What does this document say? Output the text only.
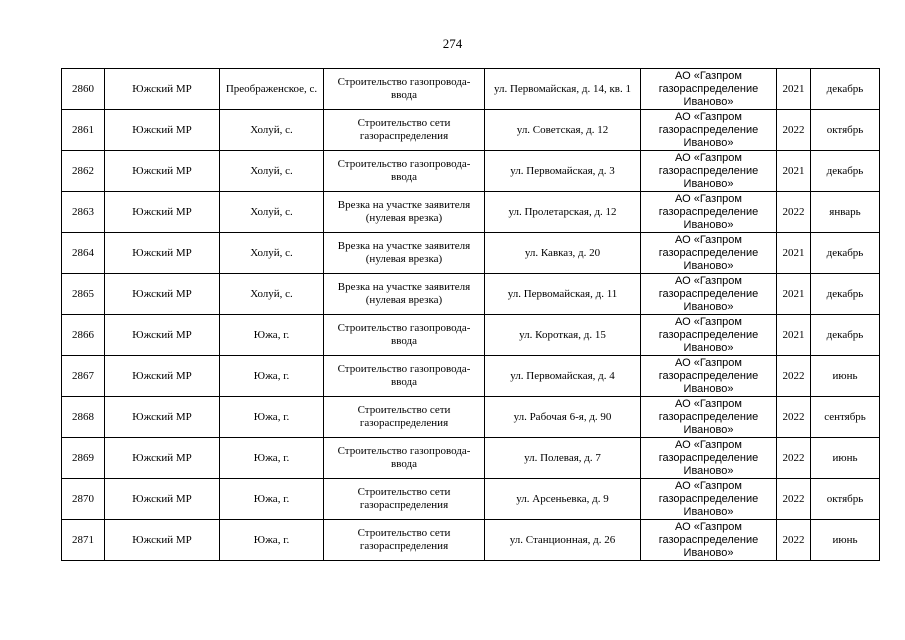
274
2860	Южский МР	Преображенское, с.	Строительство газопровода-ввода	ул. Первомайская, д. 14, кв. 1	АО «Газпром газораспределение Иваново»	2021	декабрь
2861	Южский МР	Холуй, с.	Строительство сети газораспределения	ул. Советская, д. 12	АО «Газпром газораспределение Иваново»	2022	октябрь
2862	Южский МР	Холуй, с.	Строительство газопровода-ввода	ул. Первомайская, д. 3	АО «Газпром газораспределение Иваново»	2021	декабрь
2863	Южский МР	Холуй, с.	Врезка на участке заявителя (нулевая врезка)	ул. Пролетарская, д. 12	АО «Газпром газораспределение Иваново»	2022	январь
2864	Южский МР	Холуй, с.	Врезка на участке заявителя (нулевая врезка)	ул. Кавказ, д. 20	АО «Газпром газораспределение Иваново»	2021	декабрь
2865	Южский МР	Холуй, с.	Врезка на участке заявителя (нулевая врезка)	ул. Первомайская, д. 11	АО «Газпром газораспределение Иваново»	2021	декабрь
2866	Южский МР	Южа, г.	Строительство газопровода-ввода	ул. Короткая, д. 15	АО «Газпром газораспределение Иваново»	2021	декабрь
2867	Южский МР	Южа, г.	Строительство газопровода-ввода	ул. Первомайская, д. 4	АО «Газпром газораспределение Иваново»	2022	июнь
2868	Южский МР	Южа, г.	Строительство сети газораспределения	ул. Рабочая 6-я, д. 90	АО «Газпром газораспределение Иваново»	2022	сентябрь
2869	Южский МР	Южа, г.	Строительство газопровода-ввода	ул. Полевая, д. 7	АО «Газпром газораспределение Иваново»	2022	июнь
2870	Южский МР	Южа, г.	Строительство сети газораспределения	ул. Арсеньевка, д. 9	АО «Газпром газораспределение Иваново»	2022	октябрь
2871	Южский МР	Южа, г.	Строительство сети газораспределения	ул. Станционная, д. 26	АО «Газпром газораспределение Иваново»	2022	июнь
